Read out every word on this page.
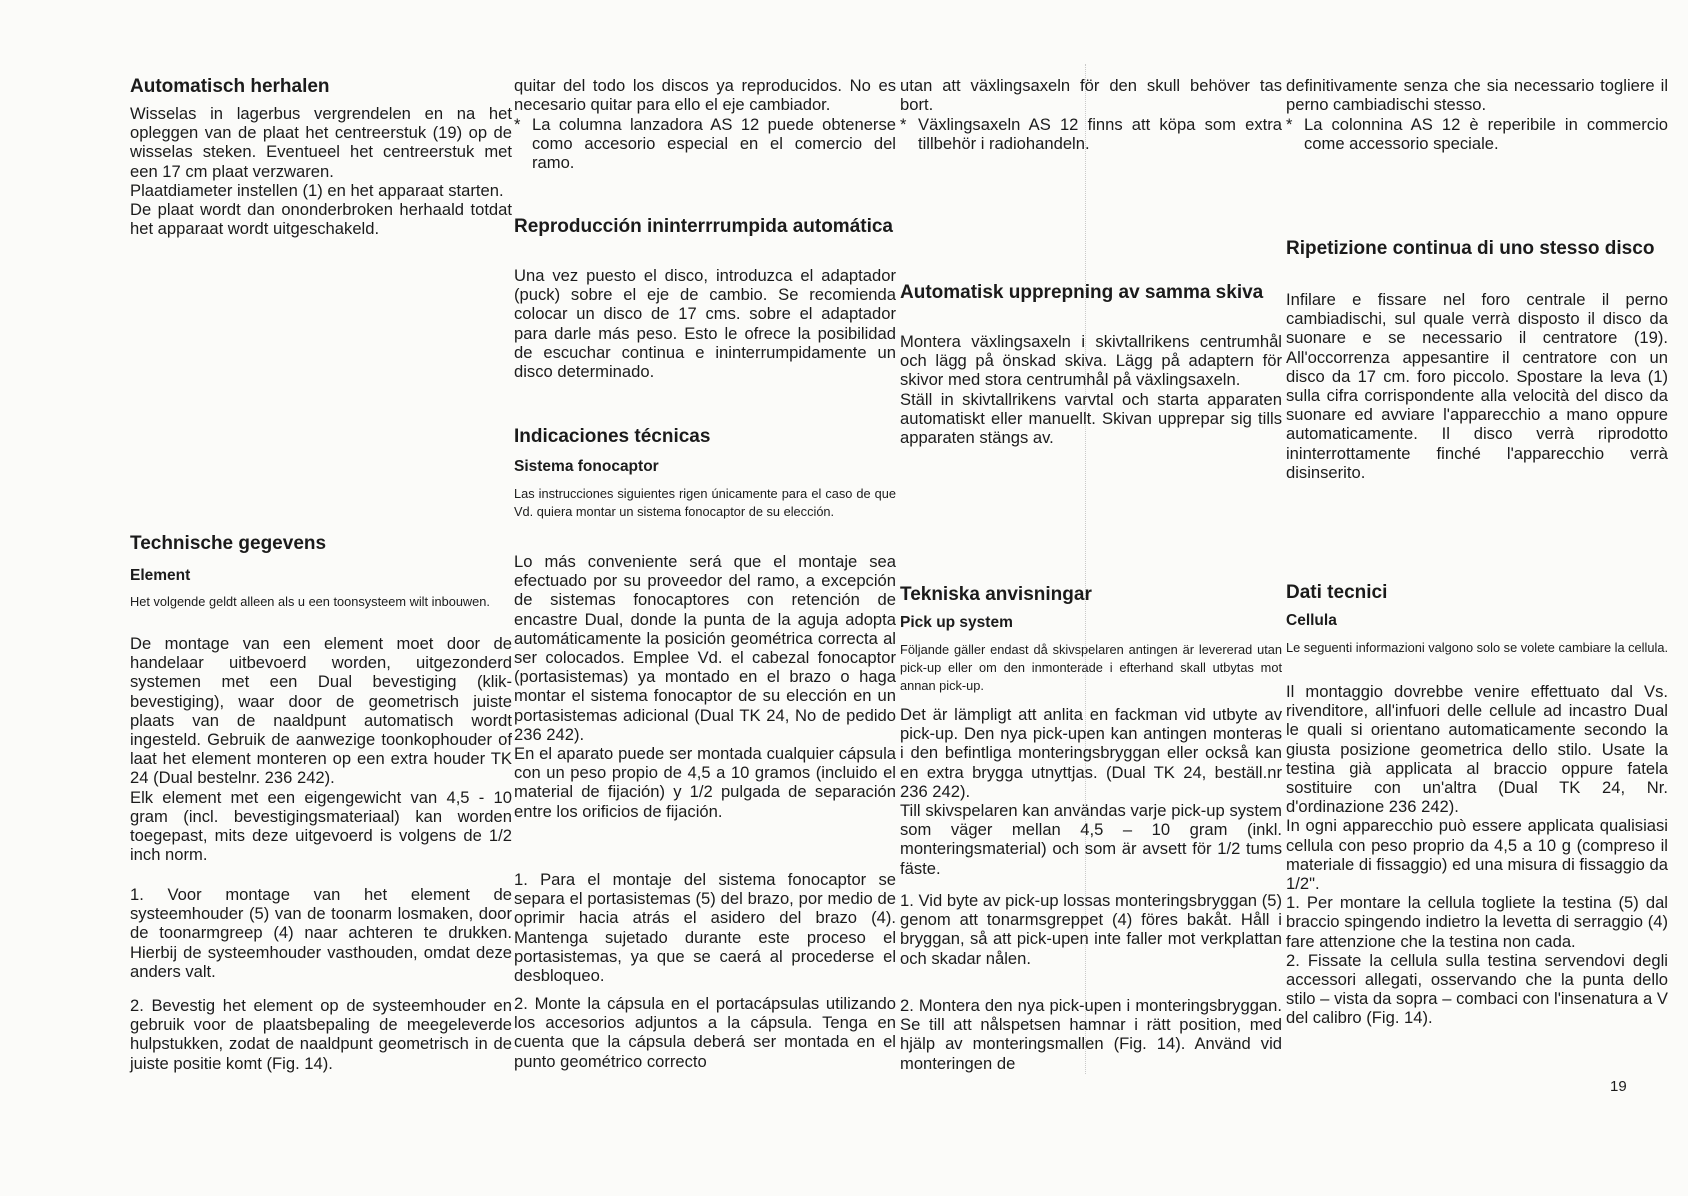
Automatisch herhalen

Wisselas in lagerbus vergrendelen en na het opleggen van de plaat het centreerstuk (19) op de wisselas steken. Eventueel het centreerstuk met een 17 cm plaat verzwaren.

Plaatdiameter instellen (1) en het apparaat starten.

De plaat wordt dan ononderbroken herhaald totdat het apparaat wordt uitgeschakeld.

Technische gegevens
Element

Het volgende geldt alleen als u een toonsysteem wilt inbouwen.

De montage van een element moet door de handelaar uitbevoerd worden, uitgezonderd systemen met een Dual bevestiging (klik-bevestiging), waar door de geometrisch juiste plaats van de naaldpunt automatisch wordt ingesteld. Gebruik de aanwezige toonkophouder of laat het element monteren op een extra houder TK 24 (Dual bestelnr. 236 242).

Elk element met een eigengewicht van 4,5 - 10 gram (incl. bevestigingsmateriaal) kan worden toegepast, mits deze uitgevoerd is volgens de 1/2 inch norm.

1. Voor montage van het element de systeemhouder (5) van de toonarm losmaken, door de toonarmgreep (4) naar achteren te drukken. Hierbij de systeemhouder vasthouden, omdat deze anders valt.

2. Bevestig het element op de systeemhouder en gebruik voor de plaatsbepaling de meegeleverde hulpstukken, zodat de naaldpunt geometrisch in de juiste positie komt (Fig. 14).

quitar del todo los discos ya reproducidos. No es necesario quitar para ello el eje cambiador.

* La columna lanzadora AS 12 puede obtenerse como accesorio especial en el comercio del ramo.
Reproducción ininterrrumpida automática

Una vez puesto el disco, introduzca el adaptador (puck) sobre el eje de cambio. Se recomienda colocar un disco de 17 cms. sobre el adaptador para darle más peso. Esto le ofrece la posibilidad de escuchar continua e ininterrumpidamente un disco determinado.

Indicaciones técnicas
Sistema fonocaptor

Las instrucciones siguientes rigen únicamente para el caso de que Vd. quiera montar un sistema fonocaptor de su elección.

Lo más conveniente será que el montaje sea efectuado por su proveedor del ramo, a excepción de sistemas fonocaptores con retención de encastre Dual, donde la punta de la aguja adopta automáticamente la posición geométrica correcta al ser colocados. Emplee Vd. el cabezal fonocaptor (portasistemas) ya montado en el brazo o haga montar el sistema fonocaptor de su elección en un portasistemas adicional (Dual TK 24, No de pedido 236 242).

En el aparato puede ser montada cualquier cápsula con un peso propio de 4,5 a 10 gramos (incluido el material de fijación) y 1/2 pulgada de separación entre los orificios de fijación.

1. Para el montaje del sistema fonocaptor se separa el portasistemas (5) del brazo, por medio de oprimir hacia atrás el asidero del brazo (4). Mantenga sujetado durante este proceso el portasistemas, ya que se caerá al procederse el desbloqueo.

2. Monte la cápsula en el portacápsulas utilizando los accesorios adjuntos a la cápsula. Tenga en cuenta que la cápsula deberá ser montada en el punto geométrico correcto

utan att växlingsaxeln för den skull behöver tas bort.

* Växlingsaxeln AS 12 finns att köpa som extra tillbehör i radiohandeln.
Automatisk upprepning av samma skiva

Montera växlingsaxeln i skivtallrikens centrumhål och lägg på önskad skiva. Lägg på adaptern för skivor med stora centrumhål på växlingsaxeln.

Ställ in skivtallrikens varvtal och starta apparaten automatiskt eller manuellt. Skivan upprepar sig tills apparaten stängs av.

Tekniska anvisningar
Pick up system

Följande gäller endast då skivspelaren antingen är levererad utan pick-up eller om den inmonterade i efterhand skall utbytas mot annan pick-up.

Det är lämpligt att anlita en fackman vid utbyte av pick-up. Den nya pick-upen kan antingen monteras i den befintliga monteringsbryggan eller också kan en extra brygga utnyttjas. (Dual TK 24, beställ.nr 236 242).

Till skivspelaren kan användas varje pick-up system som väger mellan 4,5 – 10 gram (inkl. monteringsmaterial) och som är avsett för 1/2 tums fäste.

1. Vid byte av pick-up lossas monteringsbryggan (5) genom att tonarmsgreppet (4) föres bakåt. Håll i bryggan, så att pick-upen inte faller mot verkplattan och skadar nålen.

2. Montera den nya pick-upen i monteringsbryggan. Se till att nålspetsen hamnar i rätt position, med hjälp av monteringsmallen (Fig. 14). Använd vid monteringen de

definitivamente senza che sia necessario togliere il perno cambiadischi stesso.

* La colonnina AS 12 è reperibile in commercio come accessorio speciale.
Ripetizione continua di uno stesso disco

Infilare e fissare nel foro centrale il perno cambiadischi, sul quale verrà disposto il disco da suonare e se necessario il centratore (19). All'occorrenza appesantire il centratore con un disco da 17 cm. foro piccolo. Spostare la leva (1) sulla cifra corrispondente alla velocità del disco da suonare ed avviare l'apparecchio a mano oppure automaticamente. Il disco verrà riprodotto ininterrottamente finché l'apparecchio verrà disinserito.

Dati tecnici
Cellula

Le seguenti informazioni valgono solo se volete cambiare la cellula.

Il montaggio dovrebbe venire effettuato dal Vs. rivenditore, all'infuori delle cellule ad incastro Dual le quali si orientano automaticamente secondo la giusta posizione geometrica dello stilo. Usate la testina già applicata al braccio oppure fatela sostituire con un'altra (Dual TK 24, Nr. d'ordinazione 236 242).

In ogni apparecchio può essere applicata qualisiasi cellula con peso proprio da 4,5 a 10 g (compreso il materiale di fissaggio) ed una misura di fissaggio da 1/2".

1. Per montare la cellula togliete la testina (5) dal braccio spingendo indietro la levetta di serraggio (4) fare attenzione che la testina non cada.

2. Fissate la cellula sulla testina servendovi degli accessori allegati, osservando che la punta dello stilo – vista da sopra – combaci con l'insenatura a V del calibro (Fig. 14).

19
